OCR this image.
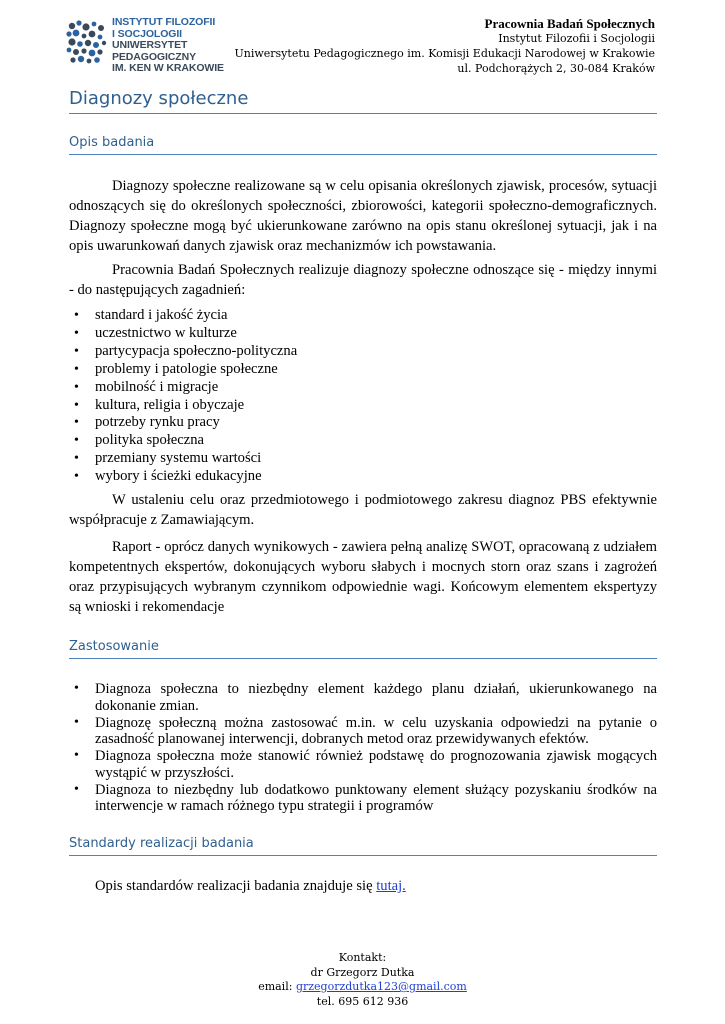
INSTYTUT FILOZOFII
I SOCJOLOGII
UNIWERSYTET PEDAGOGICZNY
IM. KEN W KRAKOWIE
Pracownia Badań Społecznych
Instytut Filozofii i Socjologii
Uniwersytetu Pedagogicznego im. Komisji Edukacji Narodowej w Krakowie
ul. Podchorążych 2, 30-084 Kraków
Diagnozy społeczne
Opis badania

Diagnozy społeczne realizowane są w celu opisania określonych zjawisk, procesów, sytuacji odnoszących się do określonych społeczności, zbiorowości, kategorii społeczno-demograficznych. Diagnozy społeczne mogą być ukierunkowane zarówno na opis stanu określonej sytuacji, jak i na opis uwarunkowań danych zjawisk oraz mechanizmów ich powstawania.

Pracownia Badań Społecznych realizuje diagnozy społeczne odnoszące się - między innymi - do następujących zagadnień:

• standard i jakość życia
• uczestnictwo w kulturze
• partycypacja społeczno-polityczna
• problemy i patologie społeczne
• mobilność i migracje
• kultura, religia i obyczaje
• potrzeby rynku pracy
• polityka społeczna
• przemiany systemu wartości
• wybory i ścieżki edukacyjne

W ustaleniu celu oraz przedmiotowego i podmiotowego zakresu diagnoz PBS efektywnie współpracuje z Zamawiającym.

Raport - oprócz danych wynikowych - zawiera pełną analizę SWOT, opracowaną z udziałem kompetentnych ekspertów, dokonujących wyboru słabych i mocnych storn oraz szans i zagrożeń oraz przypisujących wybranym czynnikom odpowiednie wagi. Końcowym elementem ekspertyzy są wnioski i rekomendacje

Zastosowanie
• Diagnoza społeczna to niezbędny element każdego planu działań, ukierunkowanego na dokonanie zmian.
• Diagnozę społeczną można zastosować m.in. w celu uzyskania odpowiedzi na pytanie o zasadność planowanej interwencji, dobranych metod oraz przewidywanych efektów.
• Diagnoza społeczna może stanowić również podstawę do prognozowania zjawisk mogących wystąpić w przyszłości.
• Diagnoza to niezbędny lub dodatkowo punktowany element służący pozyskaniu środków na interwencje w ramach różnego typu strategii i programów
Standardy realizacji badania

Opis standardów realizacji badania znajduje się tutaj.

Kontakt:
dr Grzegorz Dutka
email: grzegorzdutka123@gmail.com
tel. 695 612 936
